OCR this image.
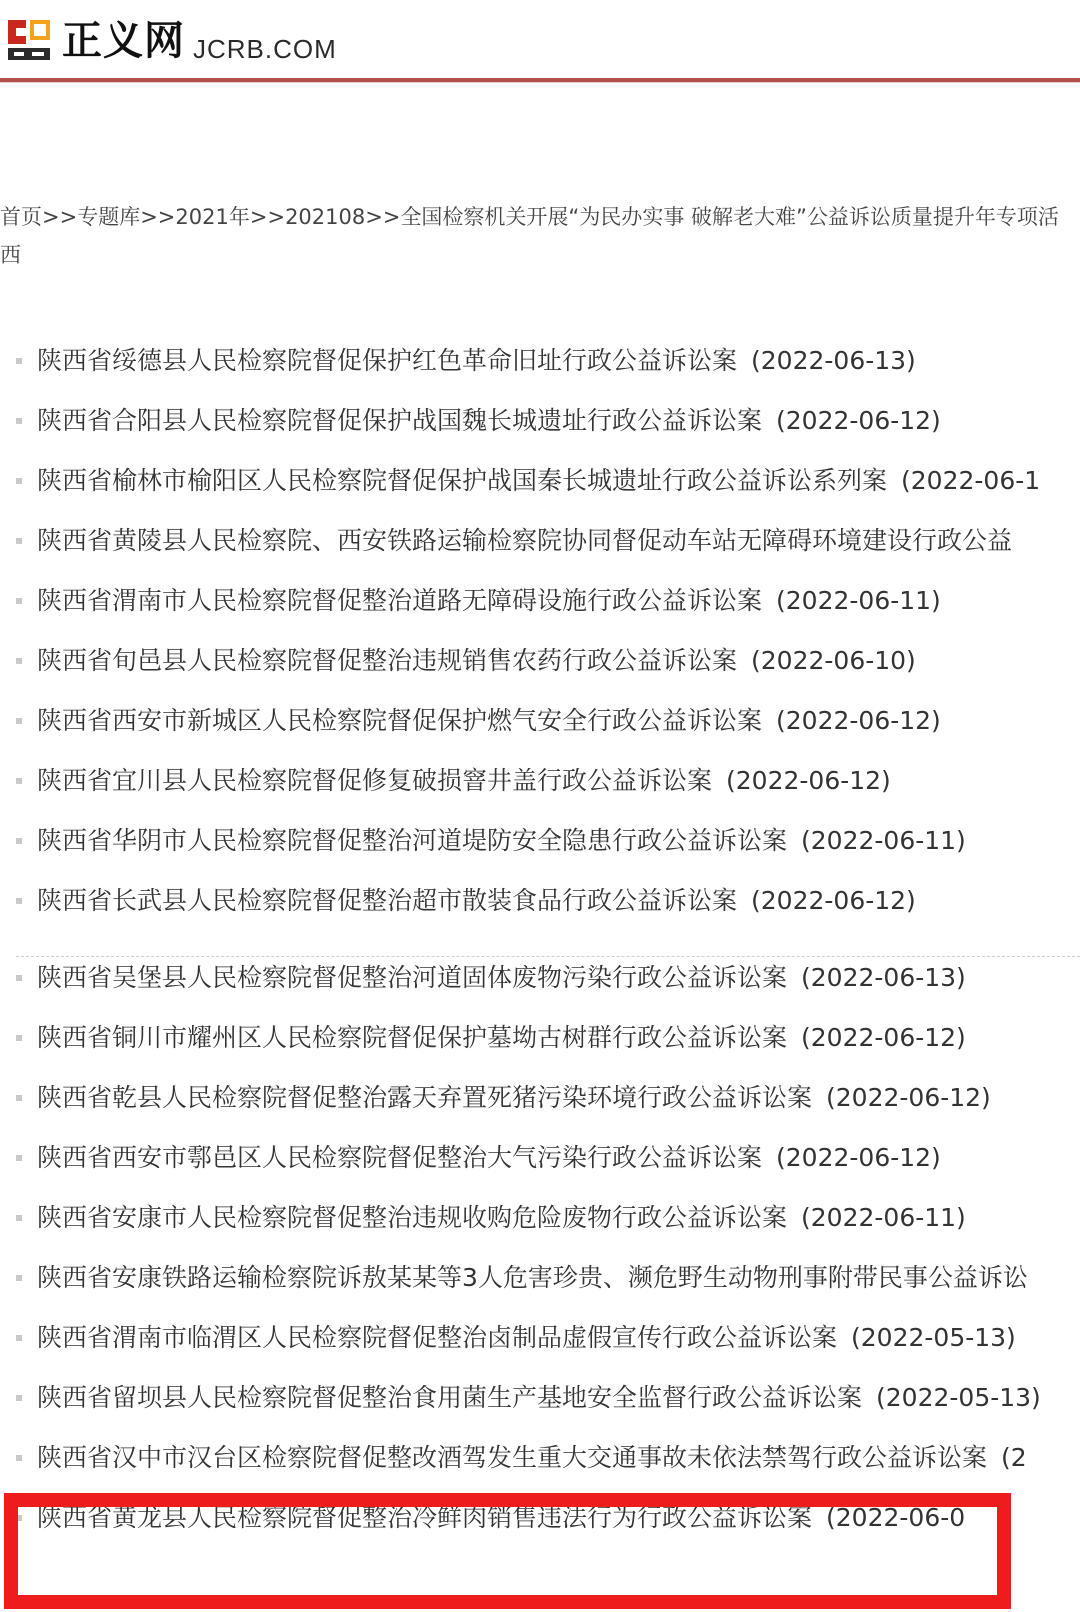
正义网 JCRB.COM
首页>>专题库>>2021年>>202108>>全国检察机关开展“为民办实事 破解老大难”公益诉讼质量提升年专项活
西
陕西省绥德县人民检察院督促保护红色革命旧址行政公益诉讼案 (2022-06-13)
陕西省合阳县人民检察院督促保护战国魏长城遗址行政公益诉讼案 (2022-06-12)
陕西省榆林市榆阳区人民检察院督促保护战国秦长城遗址行政公益诉讼系列案 (2022-06-1
陕西省黄陵县人民检察院、西安铁路运输检察院协同督促动车站无障碍环境建设行政公益
陕西省渭南市人民检察院督促整治道路无障碍设施行政公益诉讼案 (2022-06-11)
陕西省旬邑县人民检察院督促整治违规销售农药行政公益诉讼案 (2022-06-10)
陕西省西安市新城区人民检察院督促保护燃气安全行政公益诉讼案 (2022-06-12)
陕西省宜川县人民检察院督促修复破损窨井盖行政公益诉讼案 (2022-06-12)
陕西省华阴市人民检察院督促整治河道堤防安全隐患行政公益诉讼案 (2022-06-11)
陕西省长武县人民检察院督促整治超市散装食品行政公益诉讼案 (2022-06-12)
陕西省吴堡县人民检察院督促整治河道固体废物污染行政公益诉讼案 (2022-06-13)
陕西省铜川市耀州区人民检察院督促保护墓坳古树群行政公益诉讼案 (2022-06-12)
陕西省乾县人民检察院督促整治露天弃置死猪污染环境行政公益诉讼案 (2022-06-12)
陕西省西安市鄠邑区人民检察院督促整治大气污染行政公益诉讼案 (2022-06-12)
陕西省安康市人民检察院督促整治违规收购危险废物行政公益诉讼案 (2022-06-11)
陕西省安康铁路运输检察院诉敖某某等3人危害珍贵、濒危野生动物刑事附带民事公益诉讼
陕西省渭南市临渭区人民检察院督促整治卤制品虚假宣传行政公益诉讼案 (2022-05-13)
陕西省留坝县人民检察院督促整治食用菌生产基地安全监督行政公益诉讼案 (2022-05-13)
陕西省汉中市汉台区检察院督促整改酒驾发生重大交通事故未依法禁驾行政公益诉讼案 (2
陕西省黄龙县人民检察院督促整治冷鲜肉销售违法行为行政公益诉讼案 (2022-06-0
